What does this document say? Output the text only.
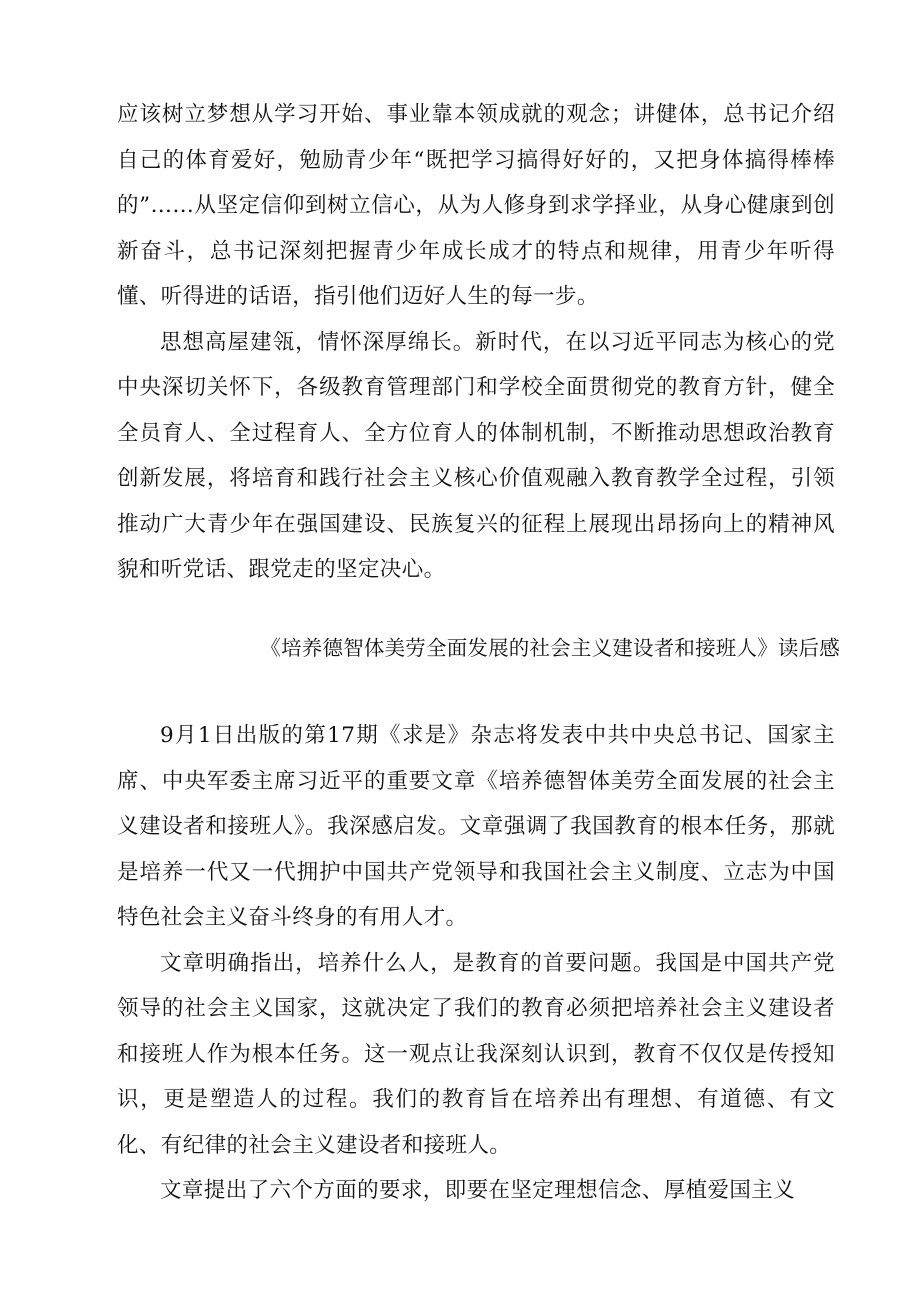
应该树立梦想从学习开始、事业靠本领成就的观念；讲健体，总书记介绍自己的体育爱好，勉励青少年“既把学习搞得好好的，又把身体搞得棒棒的”……从坚定信仰到树立信心，从为人修身到求学择业，从身心健康到创新奋斗，总书记深刻把握青少年成长成才的特点和规律，用青少年听得懂、听得进的话语，指引他们迈好人生的每一步。

思想高屋建瓴，情怀深厚绵长。新时代，在以习近平同志为核心的党中央深切关怀下，各级教育管理部门和学校全面贯彻党的教育方针，健全全员育人、全过程育人、全方位育人的体制机制，不断推动思想政治教育创新发展，将培育和践行社会主义核心价值观融入教育教学全过程，引领推动广大青少年在强国建设、民族复兴的征程上展现出昂扬向上的精神风貌和听党话、跟党走的坚定决心。

《培养德智体美劳全面发展的社会主义建设者和接班人》读后感

9月1日出版的第17期《求是》杂志将发表中共中央总书记、国家主席、中央军委主席习近平的重要文章《培养德智体美劳全面发展的社会主义建设者和接班人》。我深感启发。文章强调了我国教育的根本任务，那就是培养一代又一代拥护中国共产党领导和我国社会主义制度、立志为中国特色社会主义奋斗终身的有用人才。

文章明确指出，培养什么人，是教育的首要问题。我国是中国共产党领导的社会主义国家，这就决定了我们的教育必须把培养社会主义建设者和接班人作为根本任务。这一观点让我深刻认识到，教育不仅仅是传授知识，更是塑造人的过程。我们的教育旨在培养出有理想、有道德、有文化、有纪律的社会主义建设者和接班人。

文章提出了六个方面的要求，即要在坚定理想信念、厚植爱国主义
